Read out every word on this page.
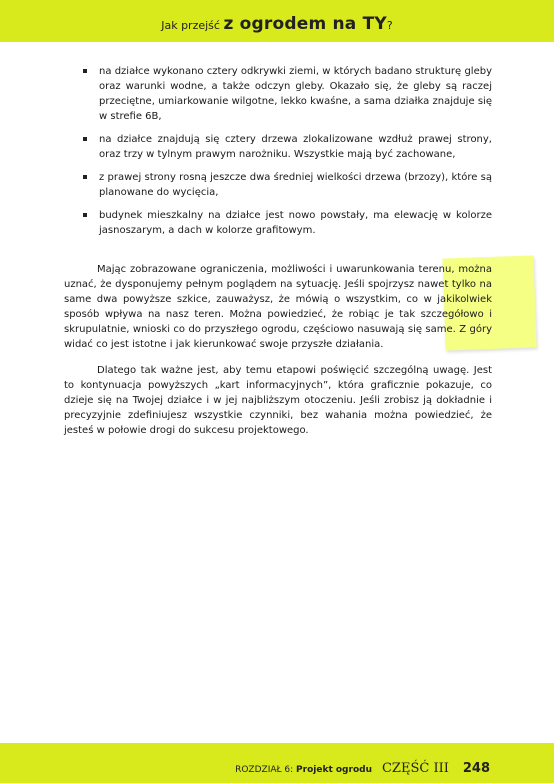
Jak przejść z ogrodem na TY?
na działce wykonano cztery odkrywki ziemi, w których badano strukturę gleby oraz warunki wodne, a także odczyn gleby. Okazało się, że gleby są raczej przeciętne, umiarkowanie wilgotne, lekko kwaśne, a sama działka znajduje się w strefie 6B,
na działce znajdują się cztery drzewa zlokalizowane wzdłuż prawej strony, oraz trzy w tylnym prawym narożniku. Wszystkie mają być zachowane,
z prawej strony rosną jeszcze dwa średniej wielkości drzewa (brzozy), które są planowane do wycięcia,
budynek mieszkalny na działce jest nowo powstały, ma elewację w kolorze jasnoszarym, a dach w kolorze grafitowym.

Mając zobrazowane ograniczenia, możliwości i uwarunkowania terenu, można uznać, że dysponujemy pełnym poglądem na sytuację. Jeśli spojrzysz nawet tylko na same dwa powyższe szkice, zauważysz, że mówią o wszystkim, co w jakikolwiek sposób wpływa na nasz teren. Można powiedzieć, że robiąc je tak szczegółowo i skrupulatnie, wnioski co do przyszłego ogrodu, częściowo nasuwają się same. Z góry widać co jest istotne i jak kierunkować swoje przyszłe działania.

Dlatego tak ważne jest, aby temu etapowi poświęcić szczególną uwagę. Jest to kontynuacja powyższych „kart informacyjnych”, która graficznie pokazuje, co dzieje się na Twojej działce i w jej najbliższym otoczeniu. Jeśli zrobisz ją dokładnie i precyzyjnie zdefiniujesz wszystkie czynniki, bez wahania można powiedzieć, że jesteś w połowie drogi do sukcesu projektowego.

ROZDZIAŁ 6: Projekt ogrodu CZĘŚĆ III 248
